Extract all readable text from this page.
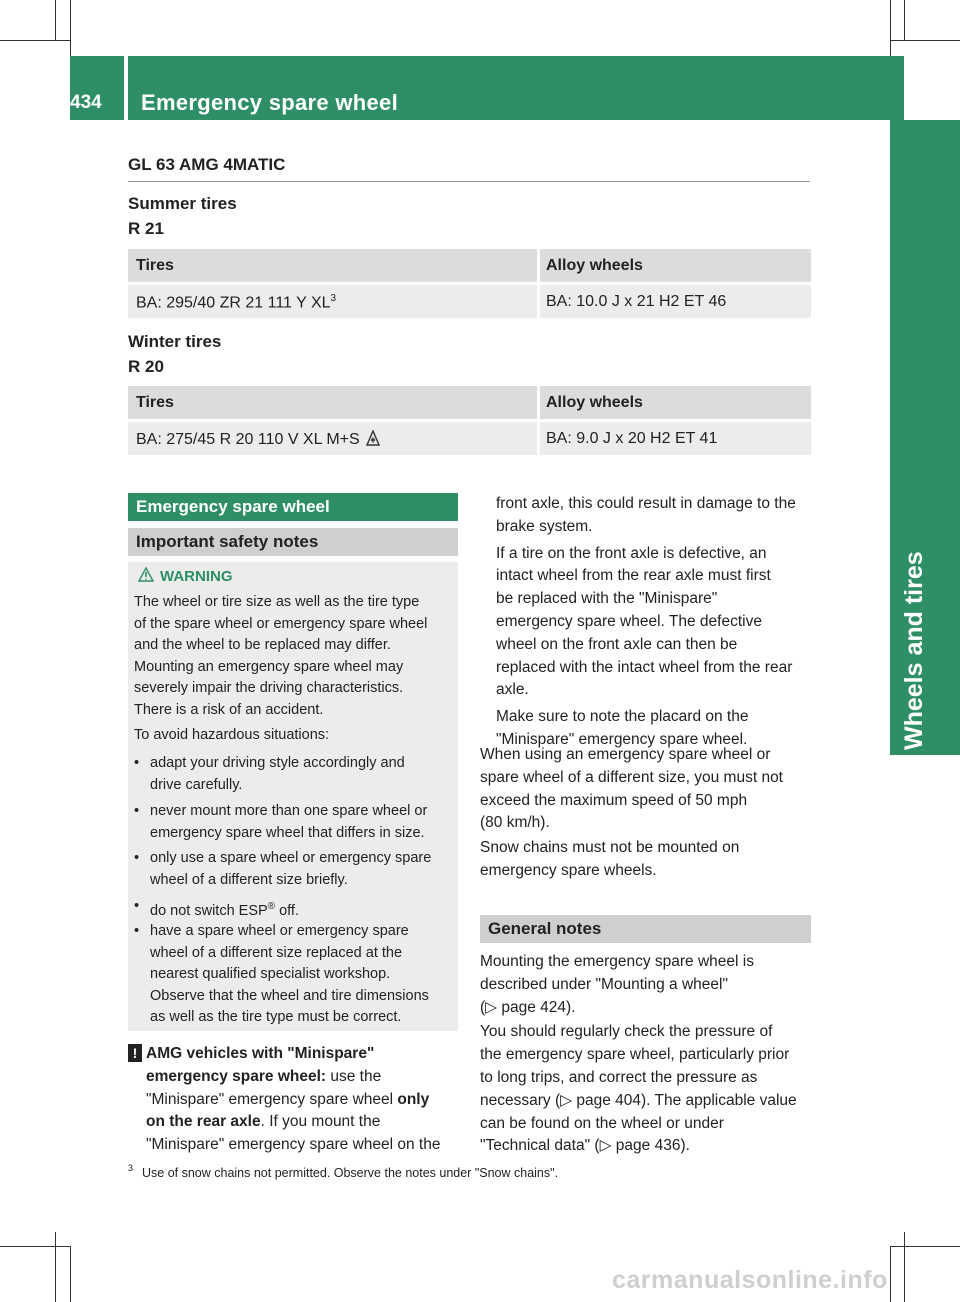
434	Emergency spare wheel
Wheels and tires
GL 63 AMG 4MATIC
Summer tires
R 21
Tires	Alloy wheels
BA: 295/40 ZR 21 111 Y $XL^3$	BA: 10.0 J x 21 H2 ET 46
Winter tires
R 20
Tires	Alloy wheels
BA: 275/45 R 20 110 V XL M+S	BA: 9.0 J x 20 H2 ET 41
Emergency spare wheel
Important safety notes
WARNING
The wheel or tire size as well as the tire type
of the spare wheel or emergency spare wheel
and the wheel to be replaced may differ.
Mounting an emergency spare wheel may
severely impair the driving characteristics.
There is a risk of an accident.
To avoid hazardous situations:
• adapt your driving style accordingly and
drive carefully.
• never mount more than one spare wheel or
emergency spare wheel that differs in size.
• only use a spare wheel or emergency spare
wheel of a different size briefly.
• do not switch ESP® off.
• have a spare wheel or emergency spare
wheel of a different size replaced at the
nearest qualified specialist workshop.
Observe that the wheel and tire dimensions
as well as the tire type must be correct.
! AMG vehicles with "Minispare"
emergency spare wheel: use the
"Minispare" emergency spare wheel only
on the rear axle. If you mount the
"Minispare" emergency spare wheel on the
front axle, this could result in damage to the
brake system.
If a tire on the front axle is defective, an
intact wheel from the rear axle must first
be replaced with the "Minispare"
emergency spare wheel. The defective
wheel on the front axle can then be
replaced with the intact wheel from the rear
axle.
Make sure to note the placard on the
"Minispare" emergency spare wheel.
When using an emergency spare wheel or
spare wheel of a different size, you must not
exceed the maximum speed of 50 mph
(80 km/h).
Snow chains must not be mounted on
emergency spare wheels.
General notes
Mounting the emergency spare wheel is
described under "Mounting a wheel"
(▷ page 424).
You should regularly check the pressure of
the emergency spare wheel, particularly prior
to long trips, and correct the pressure as
necessary (▷ page 404). The applicable value
can be found on the wheel or under
"Technical data" (▷ page 436).
3 Use of snow chains not permitted. Observe the notes under "Snow chains".
carmanualsonline.info
